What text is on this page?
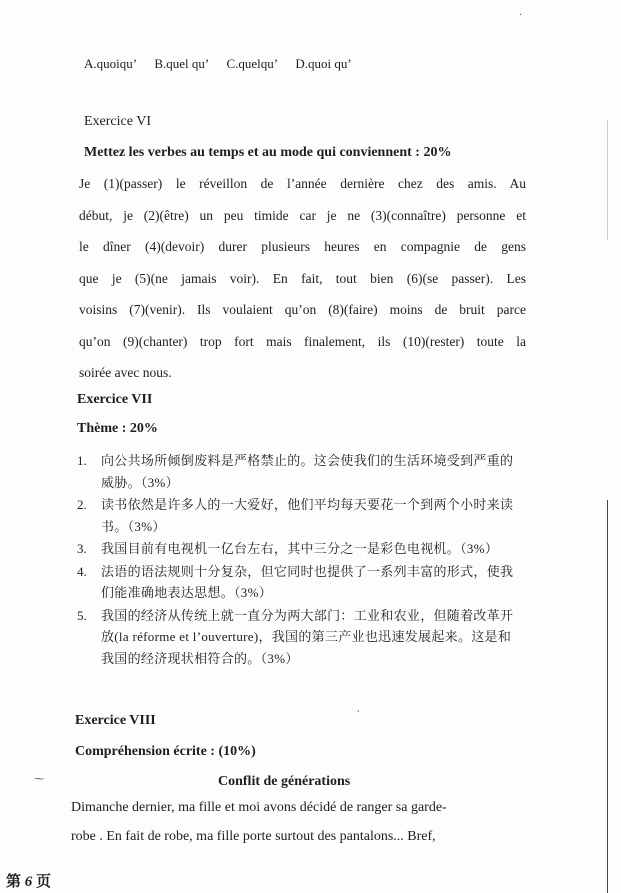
A.quoiqu’ B.quel qu’ C.quelqu’ D.quoi qu’
Exercice VI
Mettez les verbes au temps et au mode qui conviennent : 20%
Je (1)(passer) le réveillon de l’année dernière chez des amis. Au
début, je (2)(être) un peu timide car je ne (3)(connaître) personne et
le dîner (4)(devoir) durer plusieurs heures en compagnie de gens
que je (5)(ne jamais voir). En fait, tout bien (6)(se passer). Les
voisins (7)(venir). Ils voulaient qu’on (8)(faire) moins de bruit parce
qu’on (9)(chanter) trop fort mais finalement, ils (10)(rester) toute la
soirée avec nous.
Exercice VII
Thème : 20%
1. 向公共场所倾倒废料是严格禁止的。这会使我们的生活环境受到严重的威胁。（3%）
2. 读书依然是许多人的一大爱好，他们平均每天要花一个到两个小时来读书。（3%）
3. 我国目前有电视机一亿台左右，其中三分之一是彩色电视机。（3%）
4. 法语的语法规则十分复杂，但它同时也提供了一系列丰富的形式，使我们能准确地表达思想。（3%）
5. 我国的经济从传统上就一直分为两大部门：工业和农业，但随着改革开放(la réforme et l’ouverture)，我国的第三产业也迅速发展起来。这是和我国的经济现状相符合的。（3%）
Exercice VIII
Compréhension écrite : (10%)
Conflit de générations
Dimanche dernier, ma fille et moi avons décidé de ranger sa garde-
robe . En fait de robe, ma fille porte surtout des pantalons... Bref,
第 6 页
·
⁓
⸳
